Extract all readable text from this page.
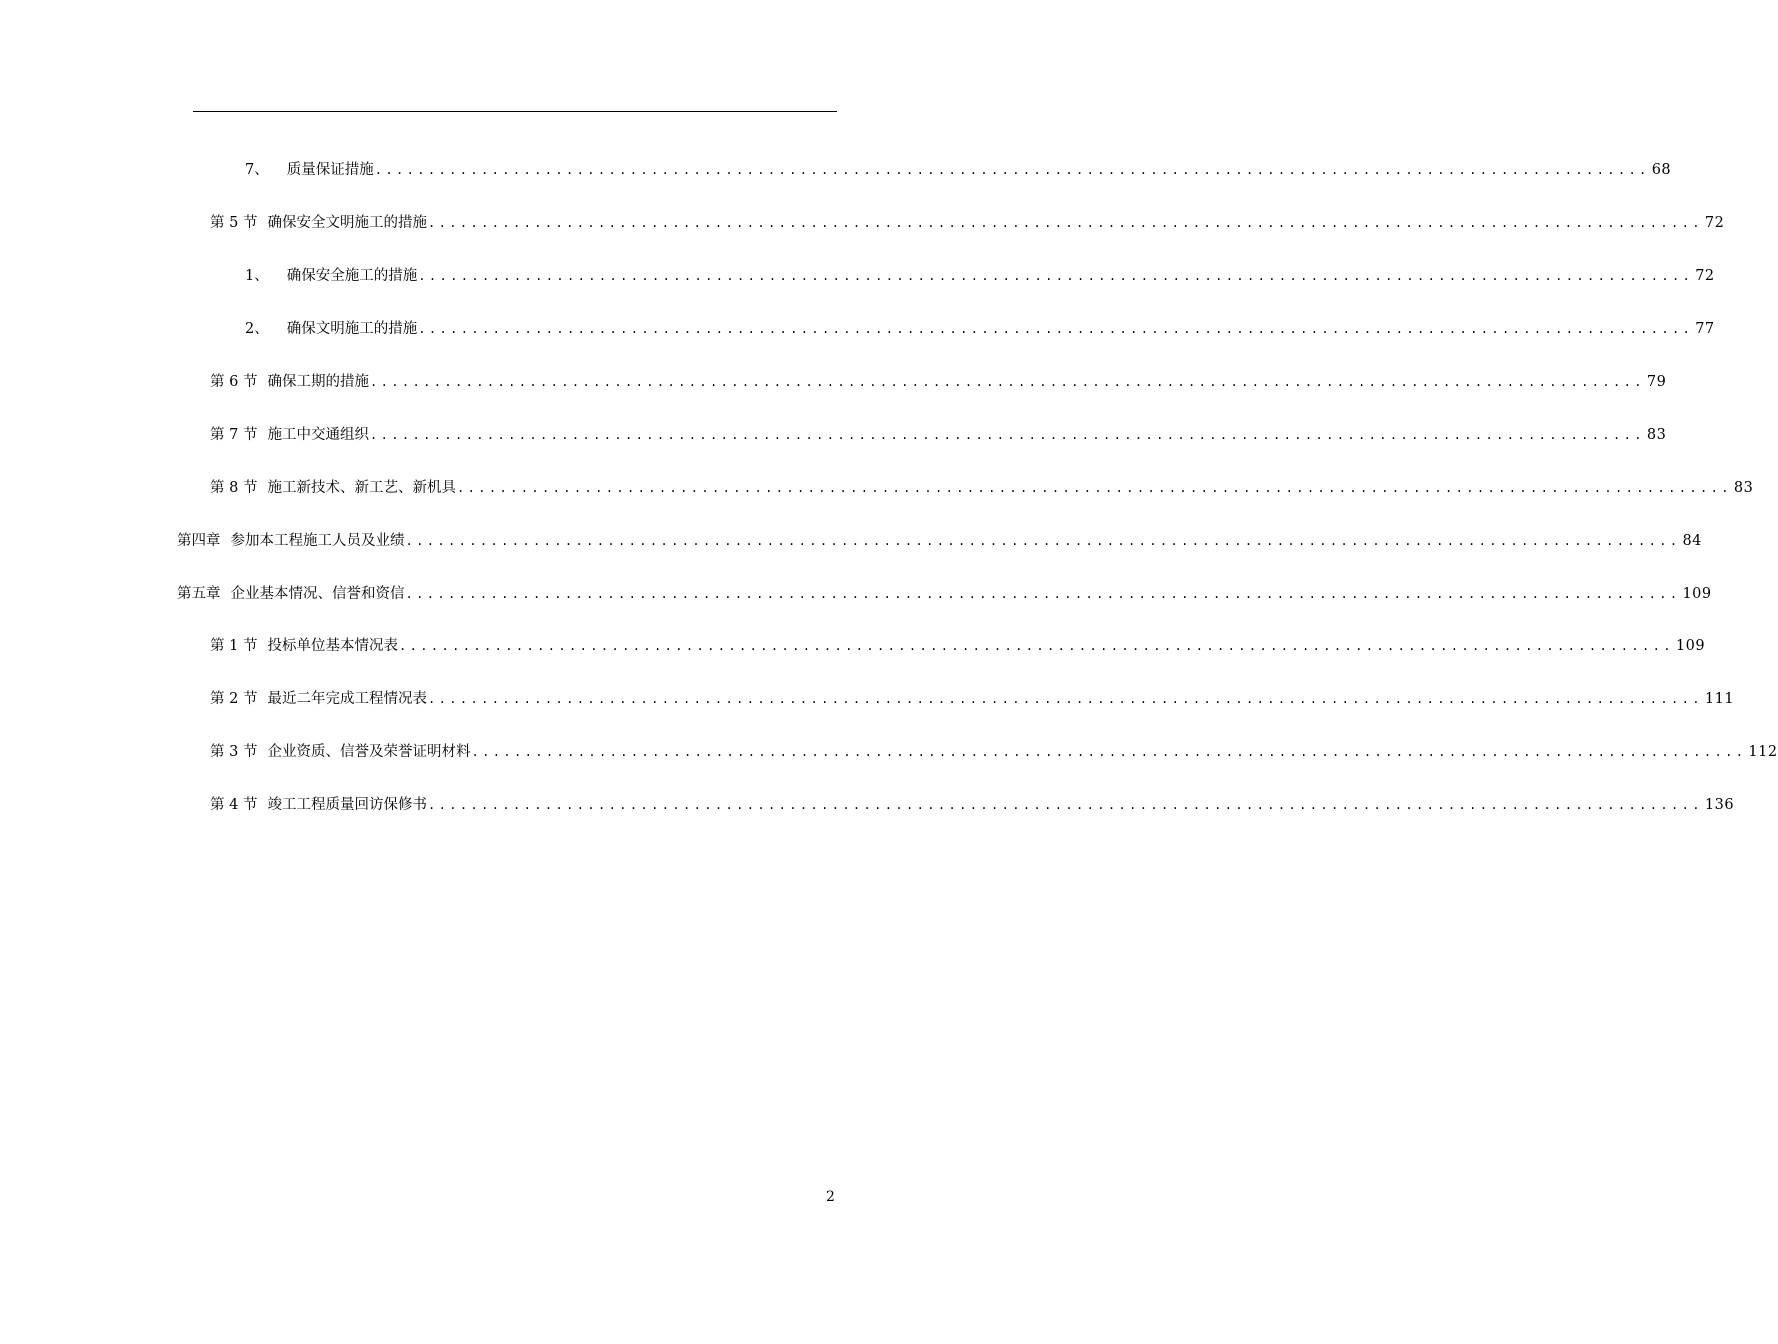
7、 质量保证措施 ........................................................................................................................ 68
第 5 节 确保安全文明施工的措施 ........................................................................................................................ 72
1、 确保安全施工的措施 ........................................................................................................................ 72
2、 确保文明施工的措施 ........................................................................................................................ 77
第 6 节 确保工期的措施 ........................................................................................................................ 79
第 7 节 施工中交通组织 ........................................................................................................................ 83
第 8 节 施工新技术、新工艺、新机具 ........................................................................................................................ 83
第四章 参加本工程施工人员及业绩 ........................................................................................................................ 84
第五章 企业基本情况、信誉和资信 ........................................................................................................................ 109
第 1 节 投标单位基本情况表 ........................................................................................................................ 109
第 2 节 最近二年完成工程情况表 ........................................................................................................................ 111
第 3 节 企业资质、信誉及荣誉证明材料 ........................................................................................................................ 112
第 4 节 竣工工程质量回访保修书 ........................................................................................................................ 136
2
